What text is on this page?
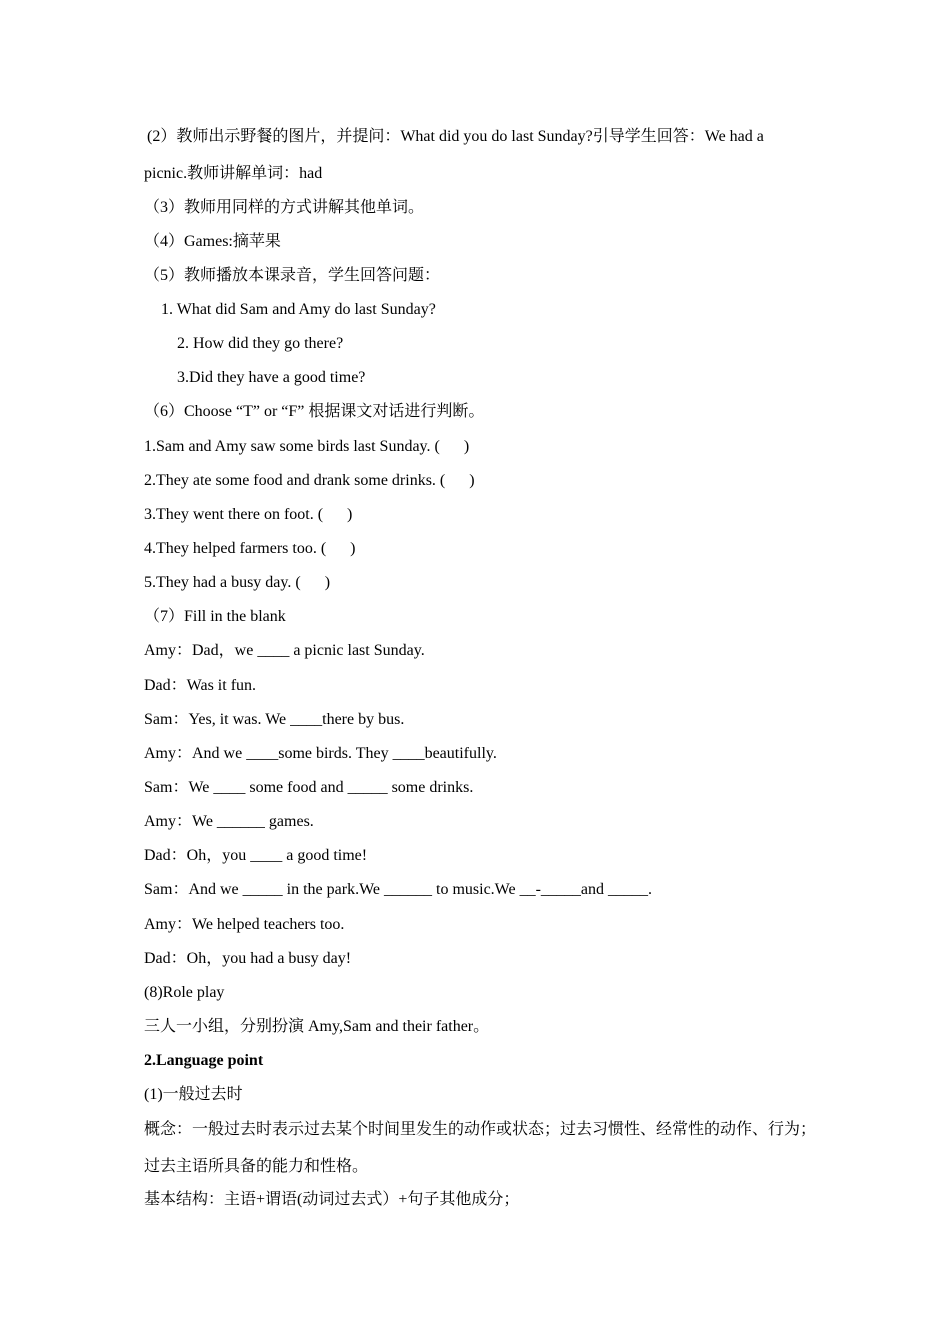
(2）教师出示野餐的图片，并提问：What did you do last Sunday?引导学生回答：We had a
picnic.教师讲解单词：had
（3）教师用同样的方式讲解其他单词。
（4）Games:摘苹果
（5）教师播放本课录音，学生回答问题：
1. What did Sam and Amy do last Sunday?
2. How did they go there?
3.Did they have a good time?
（6）Choose “T” or “F” 根据课文对话进行判断。
1.Sam and Amy saw some birds last Sunday. (      )
2.They ate some food and drank some drinks. (      )
3.They went there on foot. (      )
4.They helped farmers too. (      )
5.They had a busy day. (      )
（7）Fill in the blank
Amy：Dad，we ____ a picnic last Sunday.
Dad：Was it fun.
Sam：Yes, it was. We ____there by bus.
Amy：And we ____some birds. They ____beautifully.
Sam：We ____ some food and _____ some drinks.
Amy：We ______ games.
Dad：Oh，you ____ a good time!
Sam：And we _____ in the park.We ______ to music.We __-_____and _____.
Amy：We helped teachers too.
Dad：Oh，you had a busy day!
(8)Role play
三人一小组，分别扮演 Amy,Sam and their father。
2.Language point
(1)一般过去时
概念：一般过去时表示过去某个时间里发生的动作或状态；过去习惯性、经常性的动作、行为；
过去主语所具备的能力和性格。
基本结构：主语+谓语(动词过去式）+句子其他成分；
